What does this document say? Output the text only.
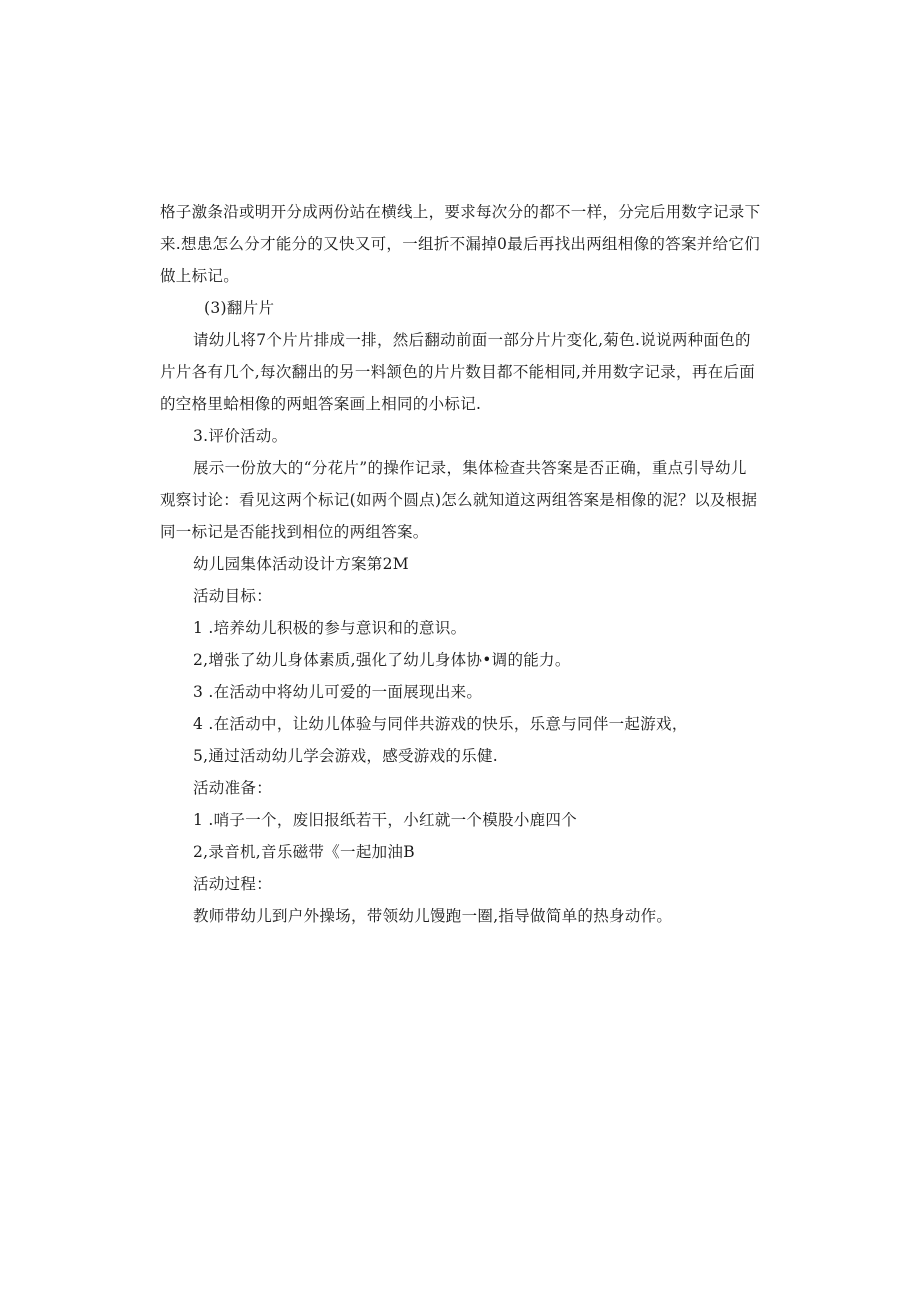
格子激条沿或明开分成两份站在横线上，要求每次分的都不一样，分完后用数字记录下
来.想患怎么分才能分的又快又可，一组折不漏掉0最后再找出两组相像的答案并给它们
做上标记。

(3)翻片片

请幼儿将7个片片排成一排，然后翻动前面一部分片片变化,菊色.说说两种面色的
片片各有几个,每次翻出的另一料颔色的片片数目都不能相同,并用数字记录，再在后面
的空格里蛤相像的两蛆答案画上相同的小标记.

3.评价活动。

展示一份放大的“分花片”的操作记录，集体检查共答案是否正确，重点引导幼儿
观察讨论：看见这两个标记(如两个圆点)怎么就知道这两组答案是相像的泥？以及根据
同一标记是否能找到相位的两组答案。

幼儿园集体活动设计方案第2M

活动目标：

1 .培养幼儿积极的参与意识和的意识。

2,增张了幼儿身体素质,强化了幼儿身体协•调的能力。

3 .在活动中将幼儿可爱的一面展现出来。

4 .在活动中，让幼儿体验与同伴共游戏的快乐，乐意与同伴一起游戏，

5,通过活动幼儿学会游戏，感受游戏的乐健.

活动准备：

1 .哨子一个，废旧报纸若干，小红就一个模股小鹿四个

2,录音机,音乐磁带《一起加油B

活动过程：

教师带幼儿到户外操场，带领幼儿馒跑一圈,指导做简单的热身动作。
